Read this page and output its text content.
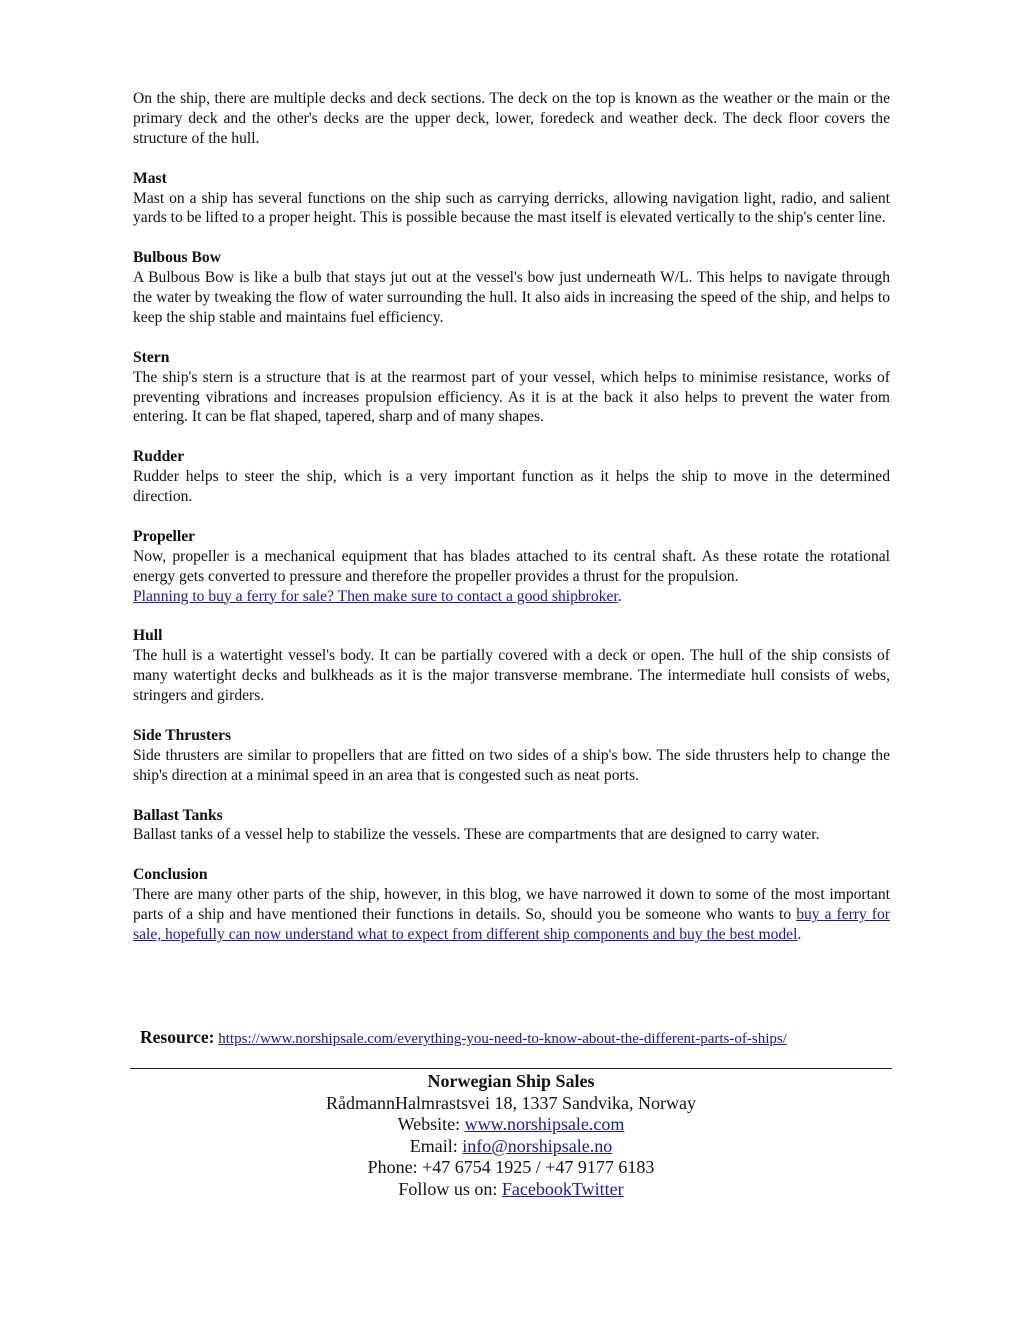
On the ship, there are multiple decks and deck sections. The deck on the top is known as the weather or the main or the primary deck and the other's decks are the upper deck, lower, foredeck and weather deck. The deck floor covers the structure of the hull.

Mast

Mast on a ship has several functions on the ship such as carrying derricks, allowing navigation light, radio, and salient yards to be lifted to a proper height. This is possible because the mast itself is elevated vertically to the ship's center line.

Bulbous Bow

A Bulbous Bow is like a bulb that stays jut out at the vessel's bow just underneath W/L. This helps to navigate through the water by tweaking the flow of water surrounding the hull. It also aids in increasing the speed of the ship, and helps to keep the ship stable and maintains fuel efficiency.

Stern

The ship's stern is a structure that is at the rearmost part of your vessel, which helps to minimise resistance, works of preventing vibrations and increases propulsion efficiency. As it is at the back it also helps to prevent the water from entering. It can be flat shaped, tapered, sharp and of many shapes.

Rudder

Rudder helps to steer the ship, which is a very important function as it helps the ship to move in the determined direction.

Propeller

Now, propeller is a mechanical equipment that has blades attached to its central shaft. As these rotate the rotational energy gets converted to pressure and therefore the propeller provides a thrust for the propulsion.
Planning to buy a ferry for sale? Then make sure to contact a good shipbroker.

Hull

The hull is a watertight vessel's body. It can be partially covered with a deck or open. The hull of the ship consists of many watertight decks and bulkheads as it is the major transverse membrane. The intermediate hull consists of webs, stringers and girders.

Side Thrusters

Side thrusters are similar to propellers that are fitted on two sides of a ship's bow. The side thrusters help to change the ship's direction at a minimal speed in an area that is congested such as neat ports.

Ballast Tanks

Ballast tanks of a vessel help to stabilize the vessels. These are compartments that are designed to carry water.

Conclusion

There are many other parts of the ship, however, in this blog, we have narrowed it down to some of the most important parts of a ship and have mentioned their functions in details. So, should you be someone who wants to buy a ferry for sale, hopefully can now understand what to expect from different ship components and buy the best model.

Resource: https://www.norshipsale.com/everything-you-need-to-know-about-the-different-parts-of-ships/
Norwegian Ship Sales
RådmannHalmrastsvei 18, 1337 Sandvika, Norway
Website: www.norshipsale.com
Email: info@norshipsale.no
Phone: +47 6754 1925 / +47 9177 6183
Follow us on: FacebookTwitter
